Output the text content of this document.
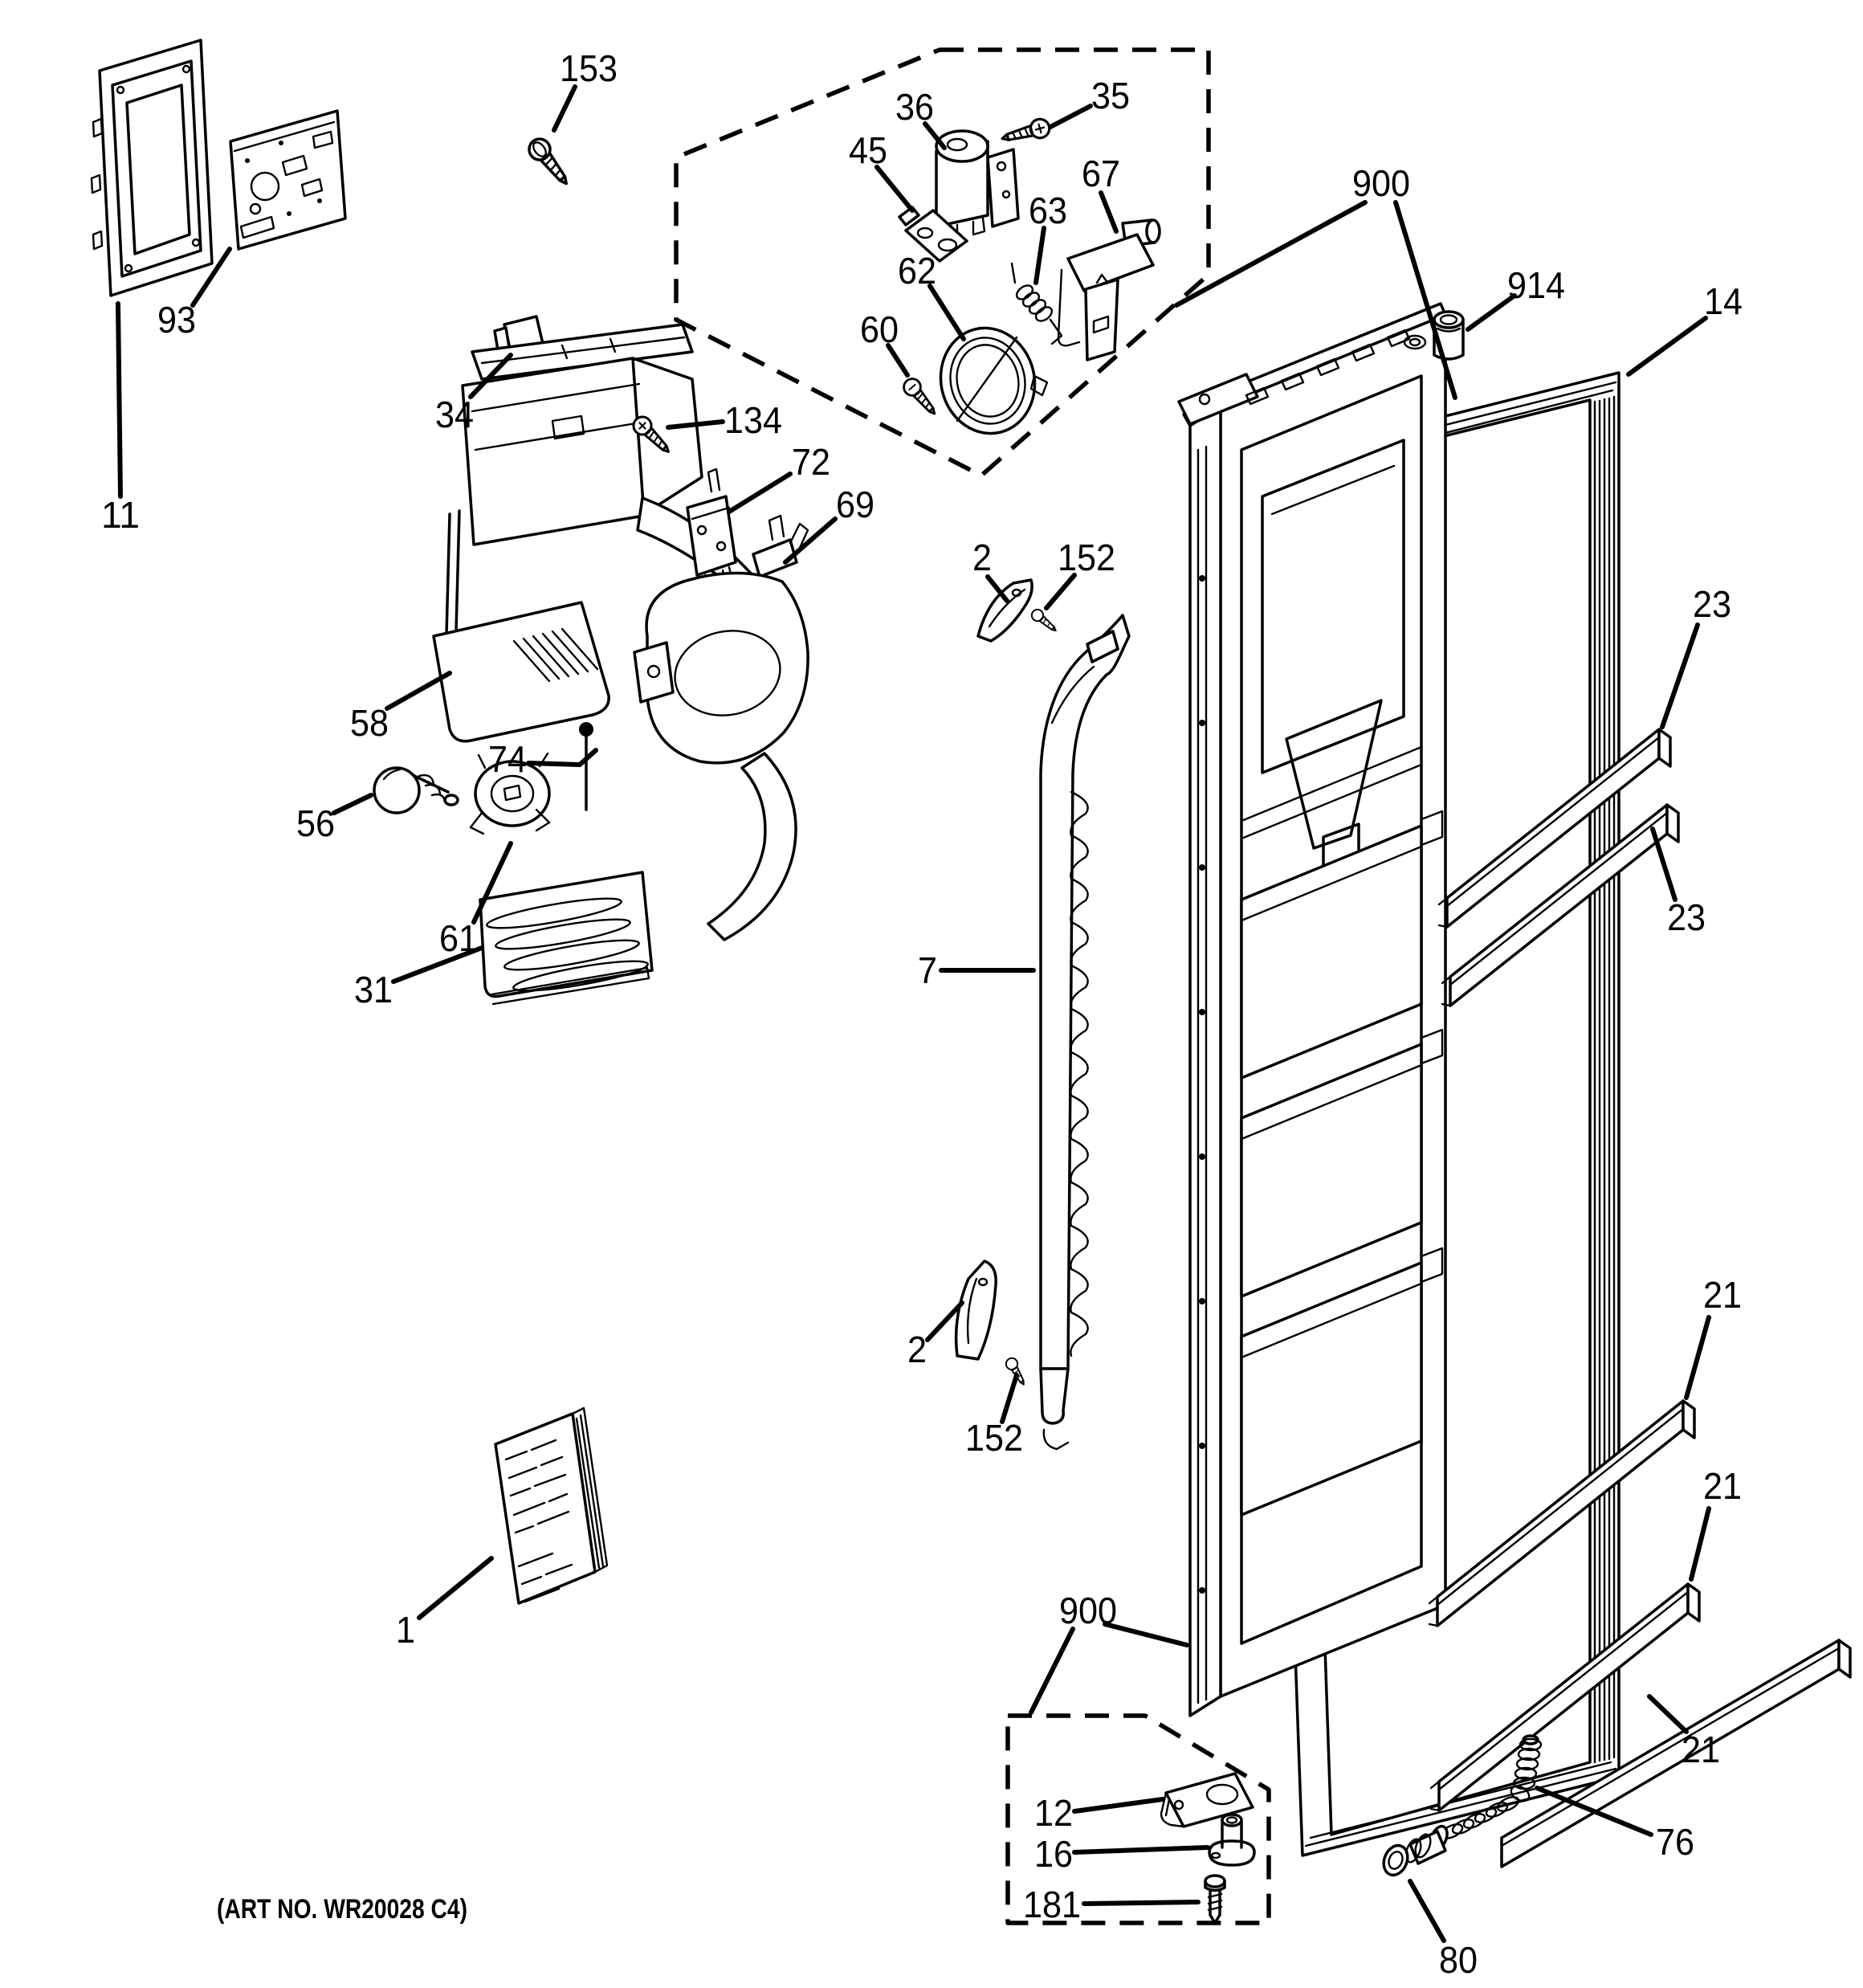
153
11
93
34	134
72
69
58
74
56
61
31
36	35
45
67
63
62
60
900
914	14
23
23
2 152
7
2
152
1
21
21
21
900
12
16
181
76
80
(ART NO. WR20028 C4)
